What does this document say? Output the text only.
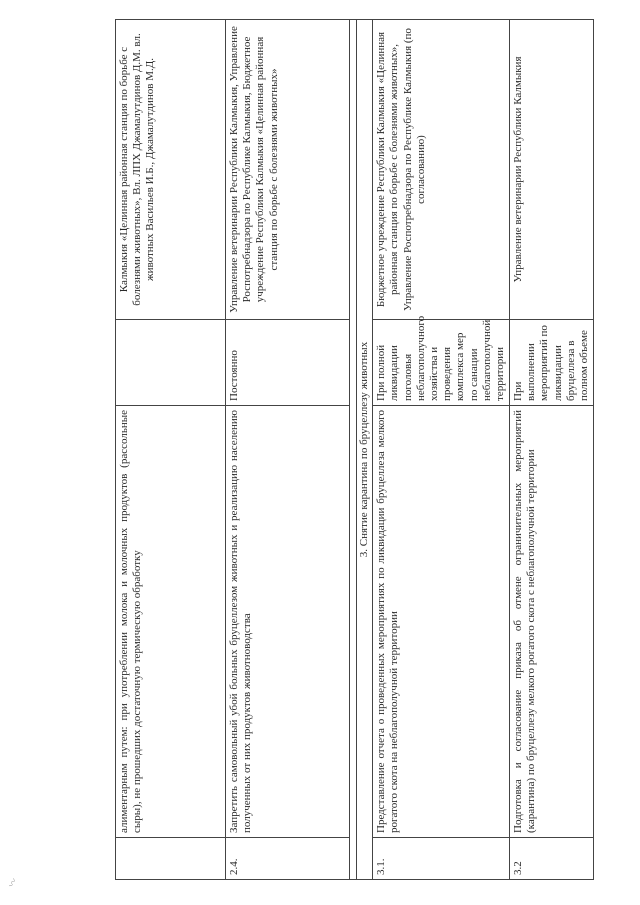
〰
	алиментарным путем: при употреблении молока и молочных продуктов (рассольные сыры), не прошедших достаточную термическую обработку		Калмыкия «Целинная районная станция по борьбе с болезнями животных», Вл. ЛПХ Джамалутдинов Д.М. вл. животных Васильев И.Б., Джамалутдинов М.Д.
2.4.	Запретить самовольный убой больных бруцеллезом животных и реализацию населению полученных от них продуктов животноводства	Постоянно	Управление ветеринарии Республики Калмыкия, Управление Роспотребнадзора по Республике Калмыкия, Бюджетное учреждение Республики Калмыкия «Целинная районная станция по борьбе с болезнями животных»

3. Снятие карантина по бруцеллезу животных			
3.1.	Представление отчета о проведенных мероприятиях по ликвидации бруцеллеза мелкого рогатого скота на неблагополучной территории	При полной ликвидации поголовья неблагополучного хозяйства и проведения комплекса мер по санации неблагополучной территории	Бюджетное учреждение Республики Калмыкия «Целинная районная станция по борьбе с болезнями животных», Управление Роспотребнадзора по Республике Калмыкия (по согласованию)
3.2	Подготовка и согласование приказа об отмене ограничительных мероприятий (карантина) по бруцеллезу мелкого рогатого скота с неблагополучной территории	При выполнении мероприятий по ликвидации бруцеллеза в полном объеме	Управление ветеринарии Республики Калмыкия
